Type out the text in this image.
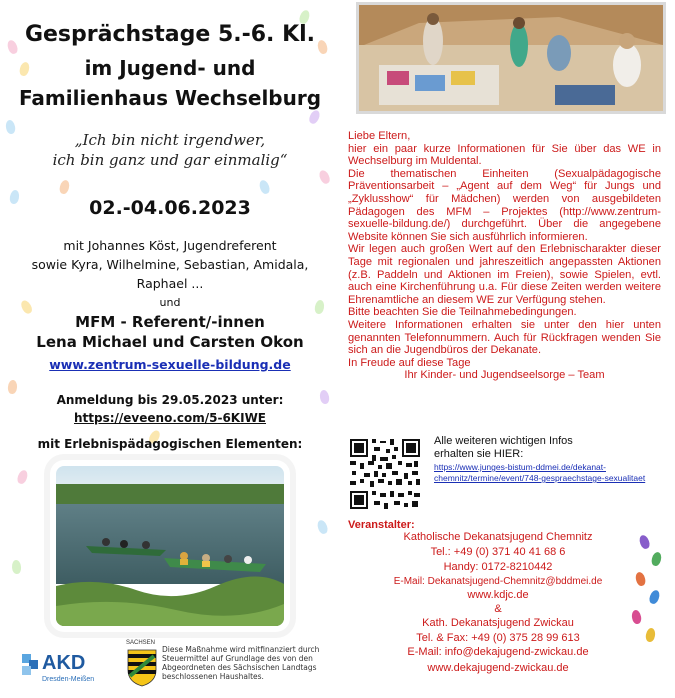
Gesprächstage 5.-6. Kl.
im Jugend- und
Familienhaus Wechselburg
„Ich bin nicht irgendwer,
ich bin ganz und gar einmalig“
02.-04.06.2023
mit Johannes Köst, Jugendreferent
sowie Kyra, Wilhelmine, Sebastian, Amidala,
Raphael ...
und
MFM - Referent/-innen
Lena Michael und Carsten Okon
www.zentrum-sexuelle-bildung.de
Anmeldung bis 29.05.2023 unter:
https://eveeno.com/5-6KIWE
mit Erlebnispädagogischen Elementen:
AKD
Dresden-Meißen
SACHSEN
Diese Maßnahme wird mitfinanziert durch Steuermittel auf Grundlage des von den Abgeordneten des Sächsischen Landtags beschlossenen Haushaltes.

Liebe Eltern,

hier ein paar kurze Informationen für Sie über das WE in Wechselburg im Muldental.

Die thematischen Einheiten (Sexualpädagogische Präventionsarbeit – „Agent auf dem Weg“ für Jungs und „Zyklusshow“ für Mädchen) werden von ausgebildeten Pädagogen des MFM – Projektes (http://www.zentrum-sexuelle-bildung.de/) durchgeführt. Über die angegebene Website können Sie sich ausführlich informieren.

Wir legen auch großen Wert auf den Erlebnischarakter dieser Tage mit regionalen und jahreszeitlich angepassten Aktionen (z.B. Paddeln und Aktionen im Freien), sowie Spielen, evtl. auch eine Kirchenführung u.a. Für diese Zeiten werden weitere Ehrenamtliche an diesem WE zur Verfügung stehen.

Bitte beachten Sie die Teilnahmebedingungen.

Weitere Informationen erhalten sie unter den hier unten genannten Telefonnummern. Auch für Rückfragen wenden Sie sich an die Jugendbüros der Dekanate.

In Freude auf diese Tage

Ihr Kinder- und Jugendseelsorge – Team

Alle weiteren wichtigen Infos
erhalten sie HIER:
https://www.junges-bistum-ddmei.de/dekanat-chemnitz/termine/event/748-gespraechstage-sexualitaet
Veranstalter:
Katholische Dekanatsjugend Chemnitz
Tel.: +49 (0) 371 40 41 68 6
Handy: 0172-8210442
E-Mail: Dekanatsjugend-Chemnitz@bddmei.de
www.kdjc.de
&
Kath. Dekanatsjugend Zwickau
Tel. & Fax: +49 (0) 375 28 99 613
E-Mail: info@dekajugend-zwickau.de
www.dekajugend-zwickau.de
